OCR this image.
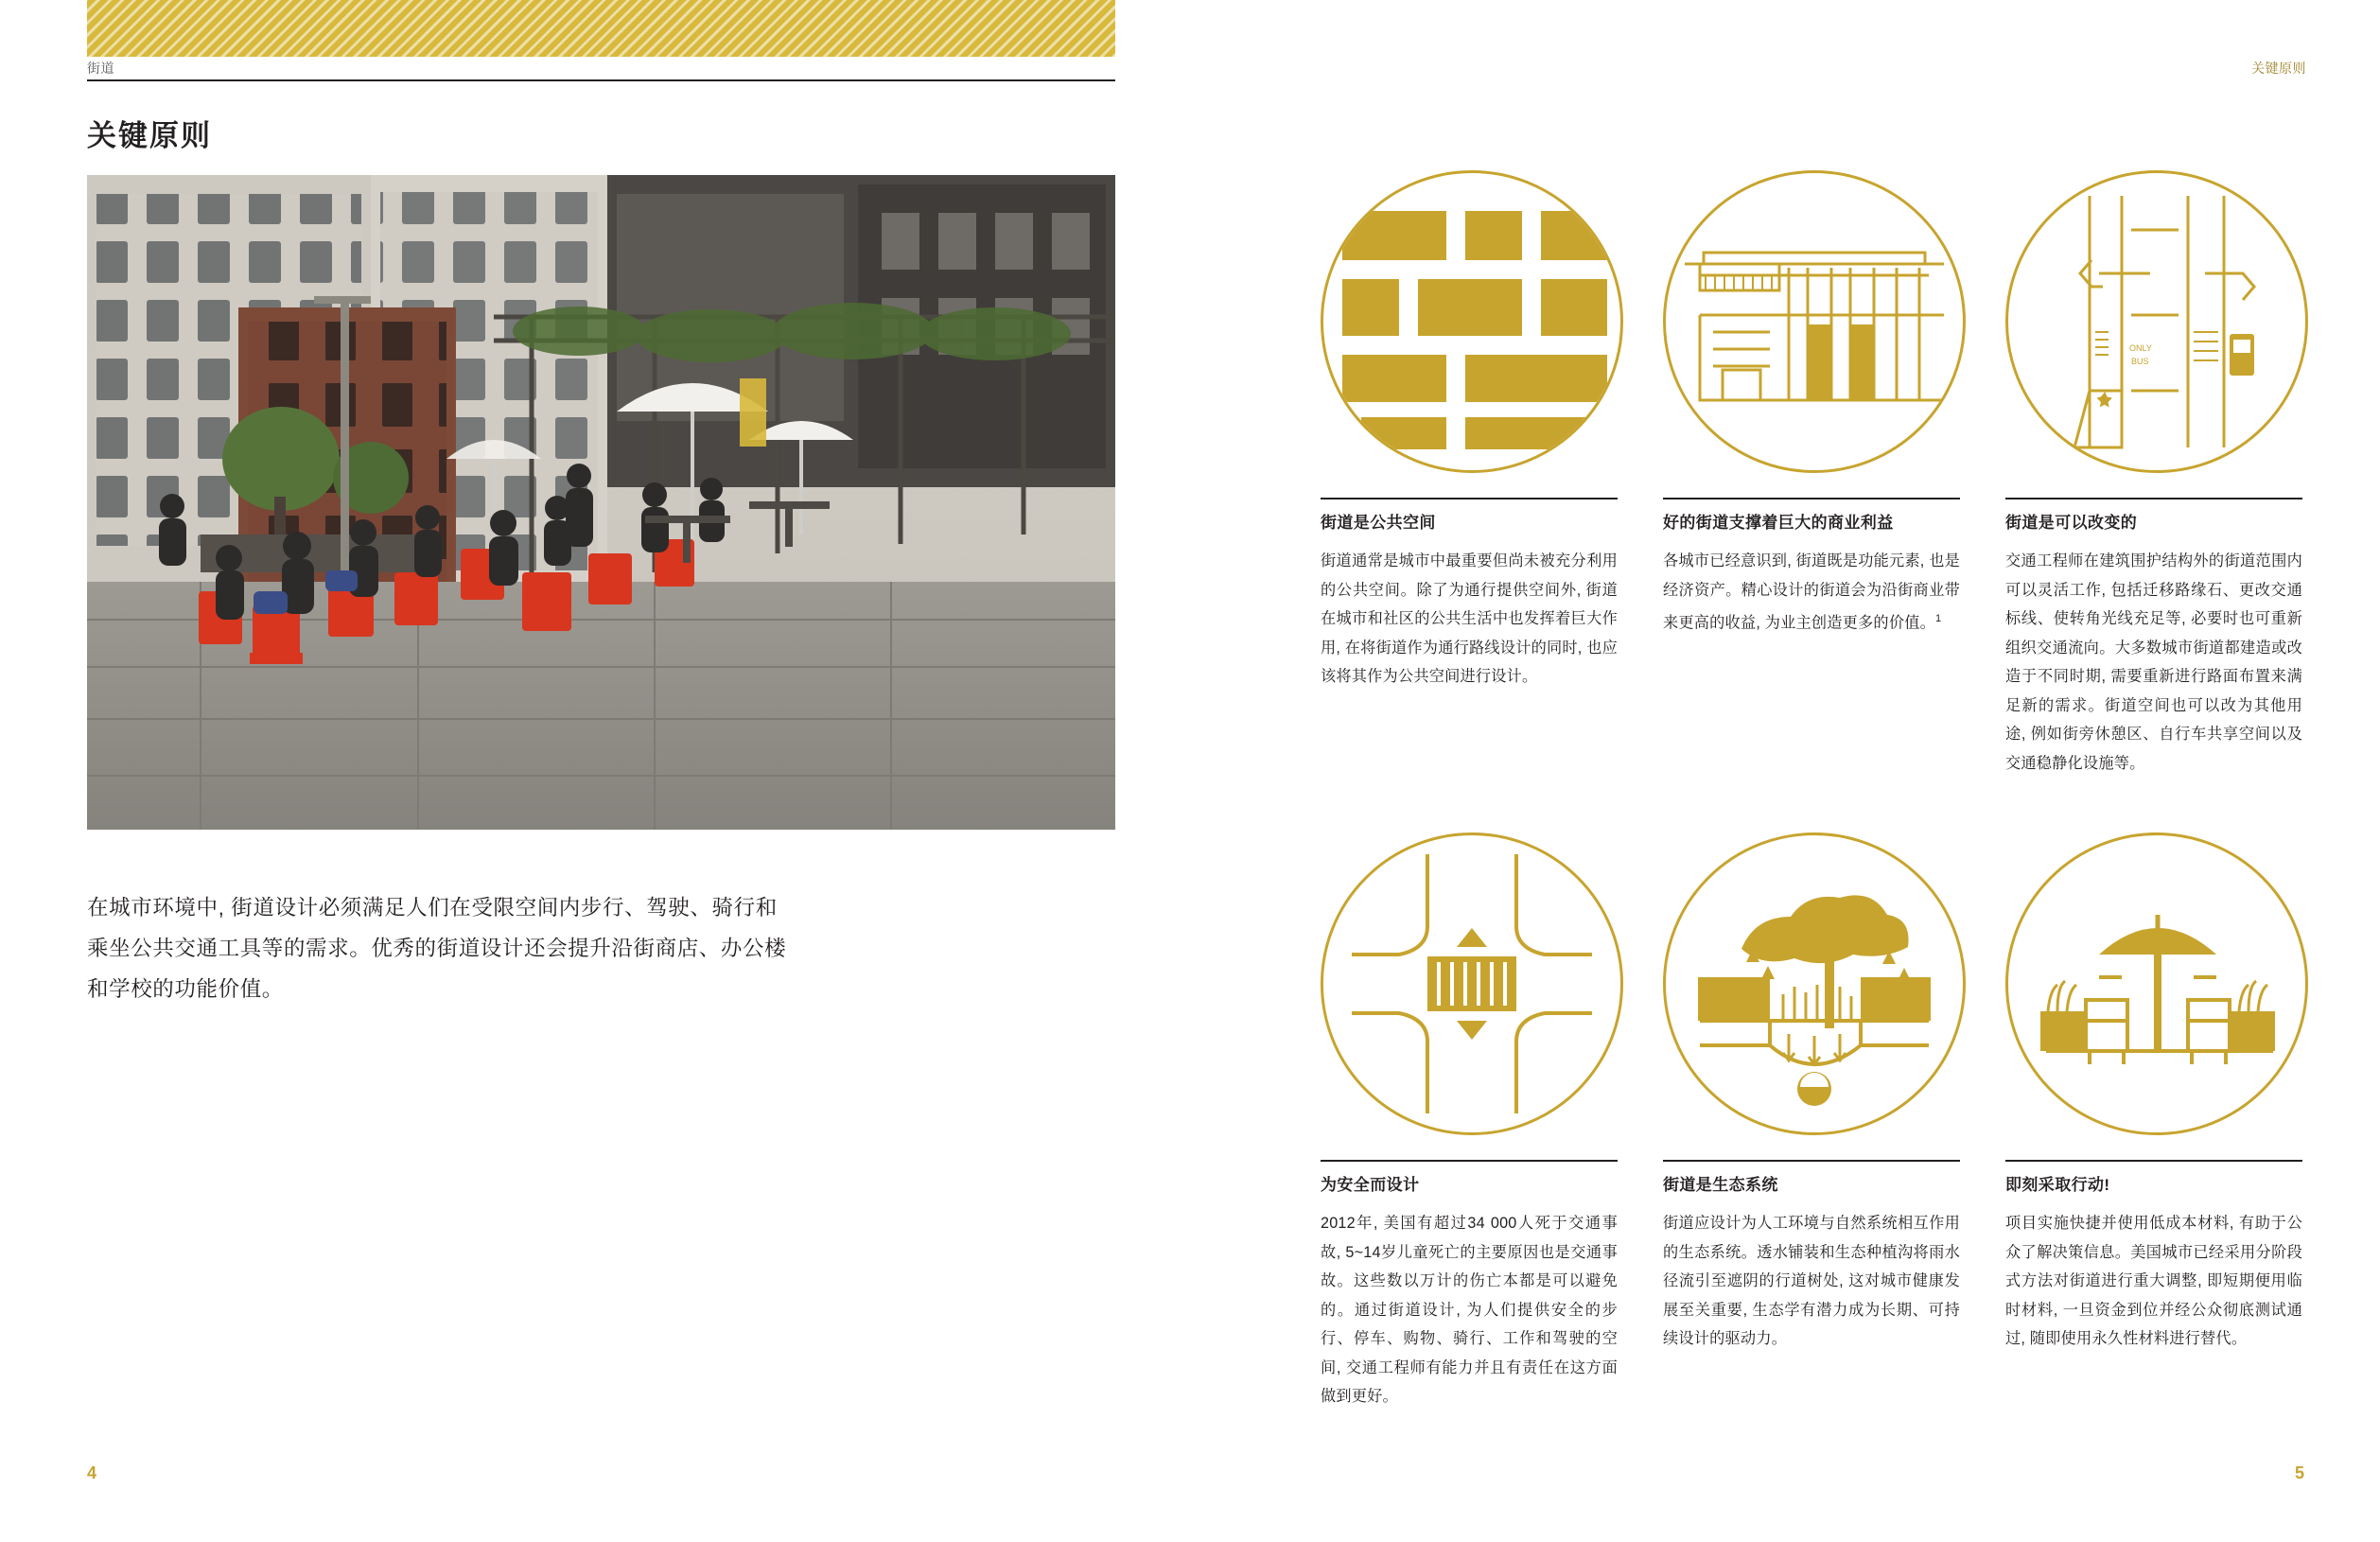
街道
关键原则
在城市环境中, 街道设计必须满足人们在受限空间内步行、驾驶、骑行和乘坐公共交通工具等的需求。优秀的街道设计还会提升沿街商店、办公楼和学校的功能价值。
4
关键原则
街道是公共空间
街道通常是城市中最重要但尚未被充分利用的公共空间。除了为通行提供空间外, 街道在城市和社区的公共生活中也发挥着巨大作用, 在将街道作为通行路线设计的同时, 也应该将其作为公共空间进行设计。
好的街道支撑着巨大的商业利益
各城市已经意识到, 街道既是功能元素, 也是经济资产。精心设计的街道会为沿街商业带来更高的收益, 为业主创造更多的价值。$^1$
ONLY
BUS
街道是可以改变的
交通工程师在建筑围护结构外的街道范围内可以灵活工作, 包括迁移路缘石、更改交通标线、使转角光线充足等, 必要时也可重新组织交通流向。大多数城市街道都建造或改造于不同时期, 需要重新进行路面布置来满足新的需求。街道空间也可以改为其他用途, 例如街旁休憩区、自行车共享空间以及交通稳静化设施等。
为安全而设计
2012年, 美国有超过34 000人死于交通事故, 5~14岁儿童死亡的主要原因也是交通事故。这些数以万计的伤亡本都是可以避免的。通过街道设计, 为人们提供安全的步行、停车、购物、骑行、工作和驾驶的空间, 交通工程师有能力并且有责任在这方面做到更好。
街道是生态系统
街道应设计为人工环境与自然系统相互作用的生态系统。透水铺装和生态种植沟将雨水径流引至遮阴的行道树处, 这对城市健康发展至关重要, 生态学有潜力成为长期、可持续设计的驱动力。
即刻采取行动!
项目实施快捷并使用低成本材料, 有助于公众了解决策信息。美国城市已经采用分阶段式方法对街道进行重大调整, 即短期便用临时材料, 一旦资金到位并经公众彻底测试通过, 随即使用永久性材料进行替代。
5
